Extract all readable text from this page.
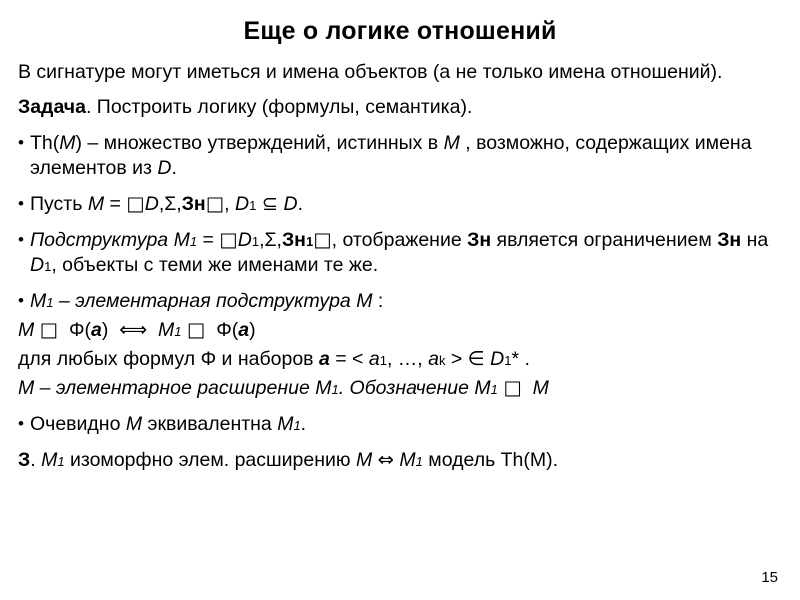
Еще о логике отношений
В сигнатуре могут иметься и имена объектов (а не только имена отношений).
Задача. Построить логику (формулы, семантика).
• Th(M) – множество утверждений, истинных в M , возможно, содержащих имена элементов из D.
• Пусть M = □D,Σ,Зн□, D1 ⊆ D.
• Подструктура M1 = □D1,Σ,Зн1□, отображение Зн является ограничением Зн на D1, объекты с теми же именами те же.
• M1 – элементарная подструктура M :
M □  Φ(a)  ⟺ M1 □  Φ(a)
для любых формул Φ и наборов a = < a1, …, ak > ∈ D1* .
M – элементарное расширение M1. Обозначение M1 □ M
• Очевидно M эквивалентна M1.
З. M1 изоморфно элем. расширению M ⇔ M1 модель Th(M).
15
